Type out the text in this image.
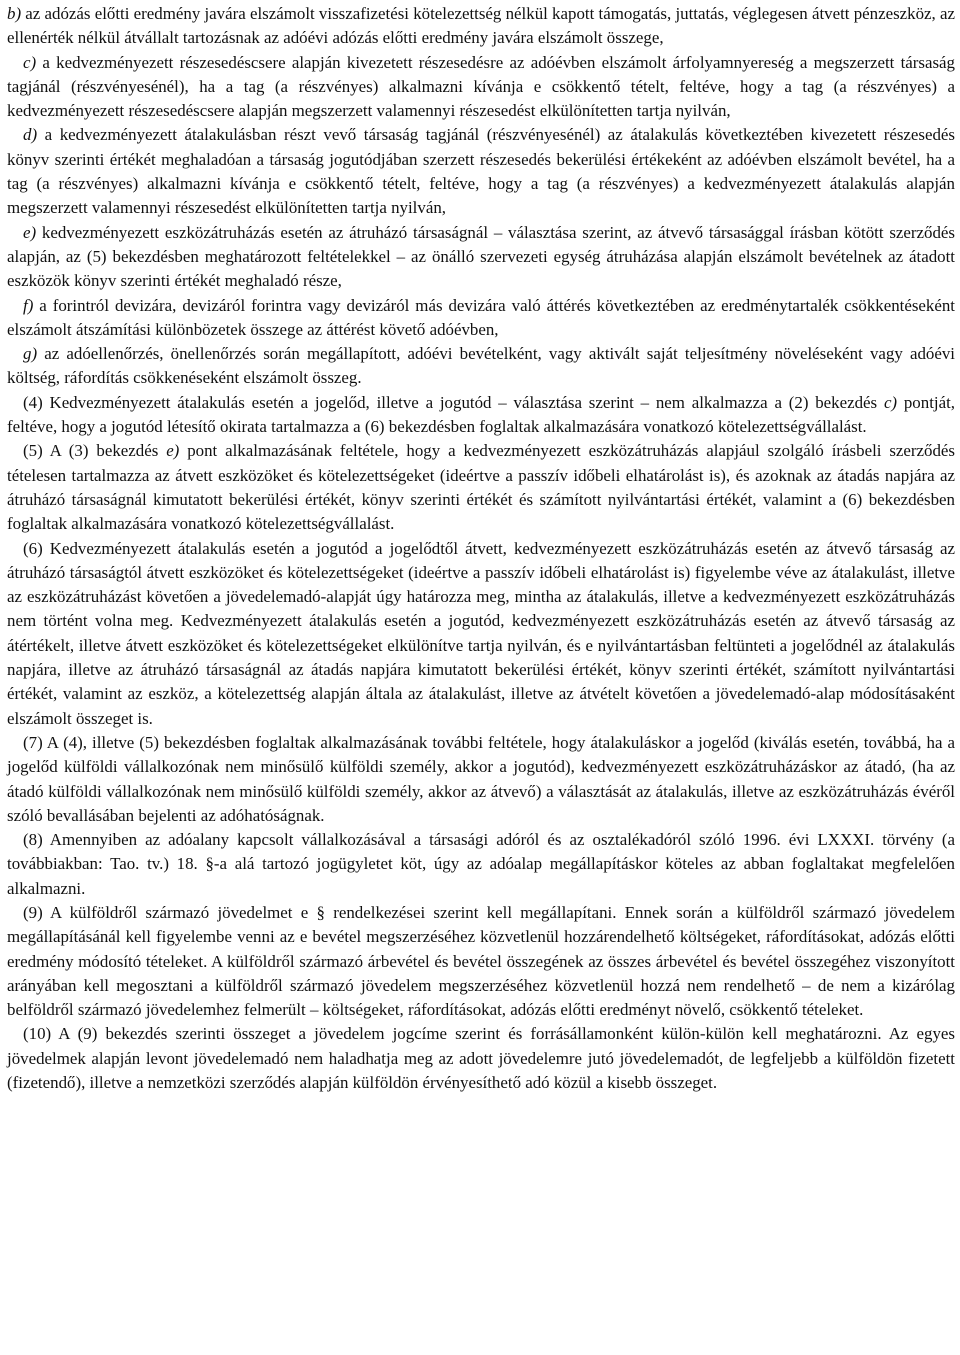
b) az adózás előtti eredmény javára elszámolt visszafizetési kötelezettség nélkül kapott támogatás, juttatás, véglegesen átvett pénzeszköz, az ellenérték nélkül átvállalt tartozásnak az adóévi adózás előtti eredmény javára elszámolt összege,

c) a kedvezményezett részesedéscsere alapján kivezetett részesedésre az adóévben elszámolt árfolyamnyereség a megszerzett társaság tagjánál (részvényesénél), ha a tag (a részvényes) alkalmazni kívánja e csökkentő tételt, feltéve, hogy a tag (a részvényes) a kedvezményezett részesedéscsere alapján megszerzett valamennyi részesedést elkülönítetten tartja nyilván,

d) a kedvezményezett átalakulásban részt vevő társaság tagjánál (részvényesénél) az átalakulás következtében kivezetett részesedés könyv szerinti értékét meghaladóan a társaság jogutódjában szerzett részesedés bekerülési értékeként az adóévben elszámolt bevétel, ha a tag (a részvényes) alkalmazni kívánja e csökkentő tételt, feltéve, hogy a tag (a részvényes) a kedvezményezett átalakulás alapján megszerzett valamennyi részesedést elkülönítetten tartja nyilván,

e) kedvezményezett eszközátruházás esetén az átruházó társaságnál – választása szerint, az átvevő társasággal írásban kötött szerződés alapján, az (5) bekezdésben meghatározott feltételekkel – az önálló szervezeti egység átruházása alapján elszámolt bevételnek az átadott eszközök könyv szerinti értékét meghaladó része,

f) a forintról devizára, devizáról forintra vagy devizáról más devizára való áttérés következtében az eredménytartalék csökkentéseként elszámolt átszámítási különbözetek összege az áttérést követő adóévben,

g) az adóellenőrzés, önellenőrzés során megállapított, adóévi bevételként, vagy aktivált saját teljesítmény növeléseként vagy adóévi költség, ráfordítás csökkenéseként elszámolt összeg.

(4) Kedvezményezett átalakulás esetén a jogelőd, illetve a jogutód – választása szerint – nem alkalmazza a (2) bekezdés c) pontját, feltéve, hogy a jogutód létesítő okirata tartalmazza a (6) bekezdésben foglaltak alkalmazására vonatkozó kötelezettségvállalást.

(5) A (3) bekezdés e) pont alkalmazásának feltétele, hogy a kedvezményezett eszközátruházás alapjául szolgáló írásbeli szerződés tételesen tartalmazza az átvett eszközöket és kötelezettségeket (ideértve a passzív időbeli elhatárolást is), és azoknak az átadás napjára az átruházó társaságnál kimutatott bekerülési értékét, könyv szerinti értékét és számított nyilvántartási értékét, valamint a (6) bekezdésben foglaltak alkalmazására vonatkozó kötelezettségvállalást.

(6) Kedvezményezett átalakulás esetén a jogutód a jogelődtől átvett, kedvezményezett eszközátruházás esetén az átvevő társaság az átruházó társaságtól átvett eszközöket és kötelezettségeket (ideértve a passzív időbeli elhatárolást is) figyelembe véve az átalakulást, illetve az eszközátruházást követően a jövedelemadó-alapját úgy határozza meg, mintha az átalakulás, illetve a kedvezményezett eszközátruházás nem történt volna meg. Kedvezményezett átalakulás esetén a jogutód, kedvezményezett eszközátruházás esetén az átvevő társaság az átértékelt, illetve átvett eszközöket és kötelezettségeket elkülönítve tartja nyilván, és e nyilvántartásban feltünteti a jogelődnél az átalakulás napjára, illetve az átruházó társaságnál az átadás napjára kimutatott bekerülési értékét, könyv szerinti értékét, számított nyilvántartási értékét, valamint az eszköz, a kötelezettség alapján általa az átalakulást, illetve az átvételt követően a jövedelemadó-alap módosításaként elszámolt összeget is.

(7) A (4), illetve (5) bekezdésben foglaltak alkalmazásának további feltétele, hogy átalakuláskor a jogelőd (kiválás esetén, továbbá, ha a jogelőd külföldi vállalkozónak nem minősülő külföldi személy, akkor a jogutód), kedvezményezett eszközátruházáskor az átadó, (ha az átadó külföldi vállalkozónak nem minősülő külföldi személy, akkor az átvevő) a választását az átalakulás, illetve az eszközátruházás évéről szóló bevallásában bejelenti az adóhatóságnak.

(8) Amennyiben az adóalany kapcsolt vállalkozásával a társasági adóról és az osztalékadóról szóló 1996. évi LXXXI. törvény (a továbbiakban: Tao. tv.) 18. §-a alá tartozó jogügyletet köt, úgy az adóalap megállapításkor köteles az abban foglaltakat megfelelően alkalmazni.

(9) A külföldről származó jövedelmet e § rendelkezései szerint kell megállapítani. Ennek során a külföldről származó jövedelem megállapításánál kell figyelembe venni az e bevétel megszerzéséhez közvetlenül hozzárendelhető költségeket, ráfordításokat, adózás előtti eredmény módosító tételeket. A külföldről származó árbevétel és bevétel összegének az összes árbevétel és bevétel összegéhez viszonyított arányában kell megosztani a külföldről származó jövedelem megszerzéséhez közvetlenül hozzá nem rendelhető – de nem a kizárólag belföldről származó jövedelemhez felmerült – költségeket, ráfordításokat, adózás előtti eredményt növelő, csökkentő tételeket.

(10) A (9) bekezdés szerinti összeget a jövedelem jogcíme szerint és forrásállamonként külön-külön kell meghatározni. Az egyes jövedelmek alapján levont jövedelemadó nem haladhatja meg az adott jövedelemre jutó jövedelemadót, de legfeljebb a külföldön fizetett (fizetendő), illetve a nemzetközi szerződés alapján külföldön érvényesíthető adó közül a kisebb összeget.
